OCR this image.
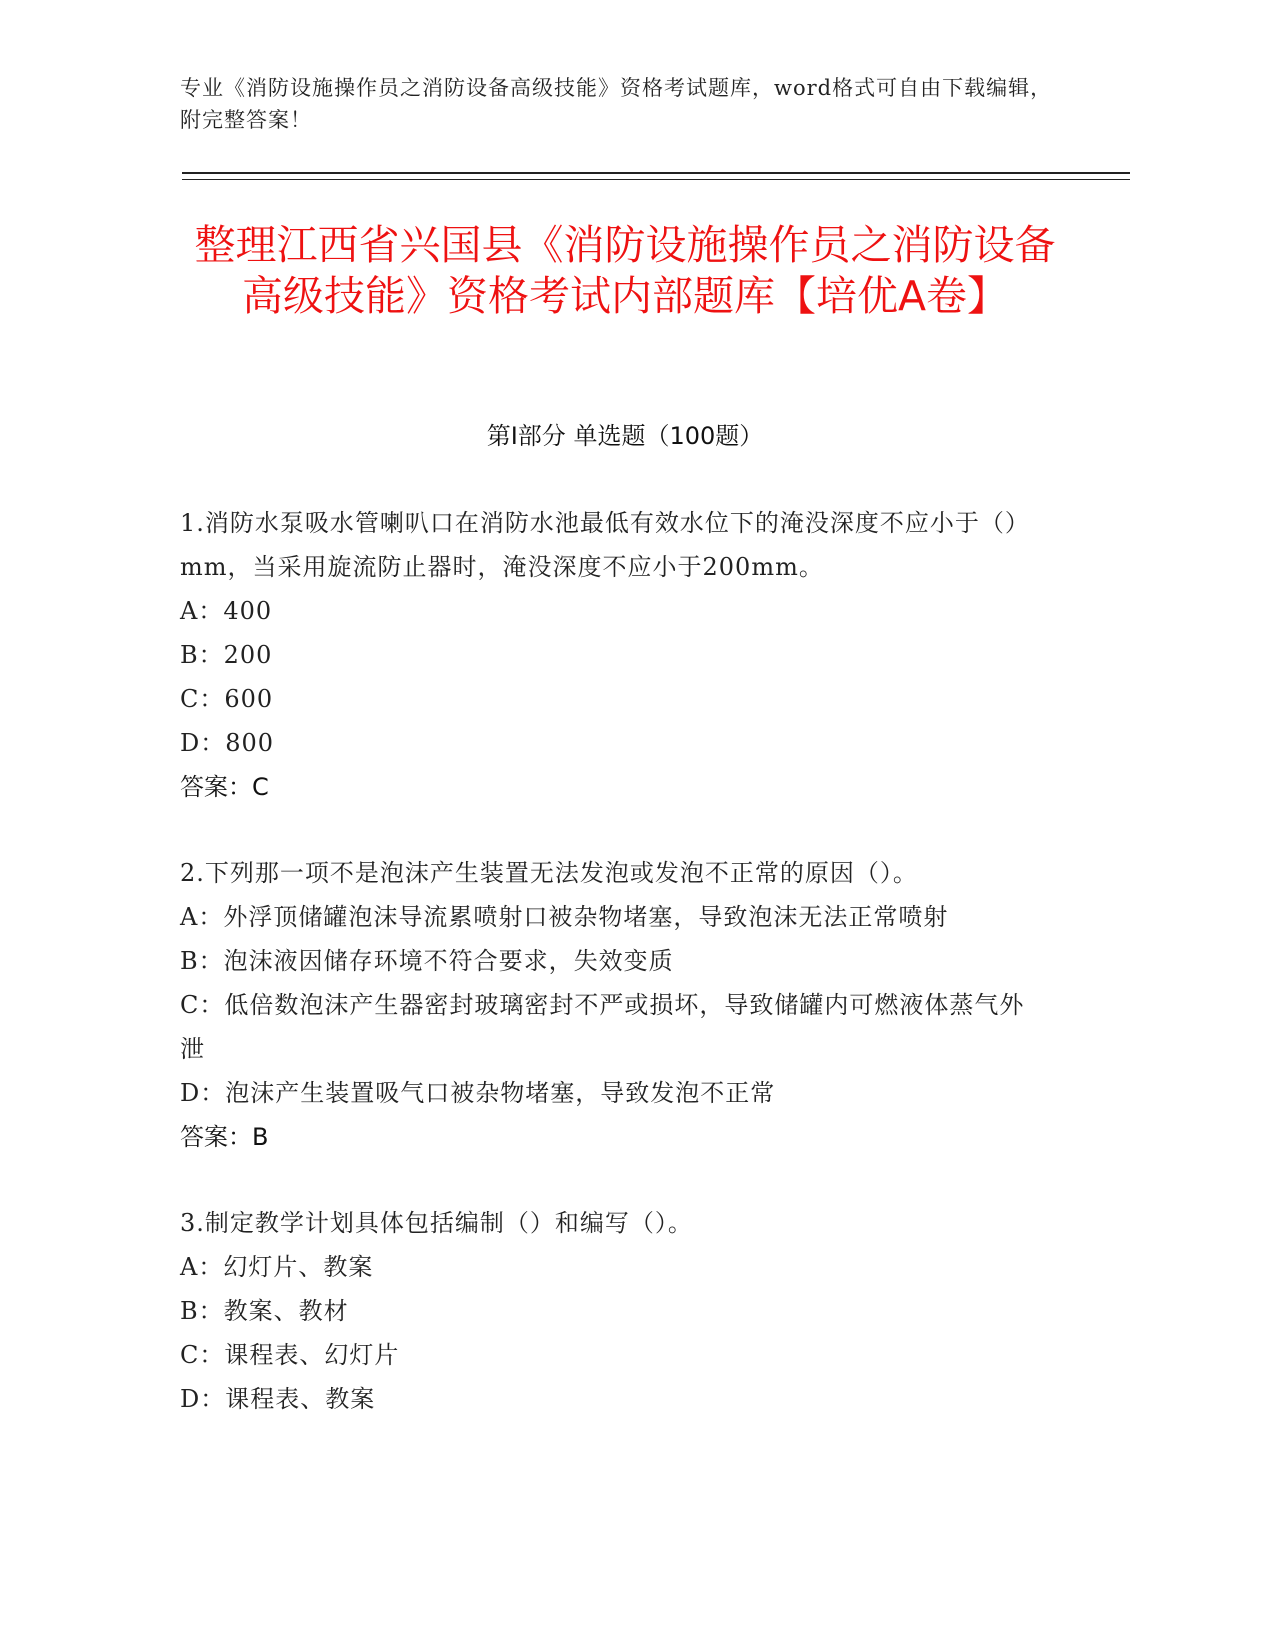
专业《消防设施操作员之消防设备高级技能》资格考试题库，word格式可自由下载编辑，附完整答案！
整理江西省兴国县《消防设施操作员之消防设备高级技能》资格考试内部题库【培优A卷】
第Ⅰ部分 单选题（100题）
1.消防水泵吸水管喇叭口在消防水池最低有效水位下的淹没深度不应小于（）mm，当采用旋流防止器时，淹没深度不应小于200mm。
A：400
B：200
C：600
D：800
答案：C
2.下列那一项不是泡沫产生装置无法发泡或发泡不正常的原因（）。
A：外浮顶储罐泡沫导流累喷射口被杂物堵塞，导致泡沫无法正常喷射
B：泡沫液因储存环境不符合要求，失效变质
C：低倍数泡沫产生器密封玻璃密封不严或损坏，导致储罐内可燃液体蒸气外泄
D：泡沫产生装置吸气口被杂物堵塞，导致发泡不正常
答案：B
3.制定教学计划具体包括编制（）和编写（）。
A：幻灯片、教案
B：教案、教材
C：课程表、幻灯片
D：课程表、教案
